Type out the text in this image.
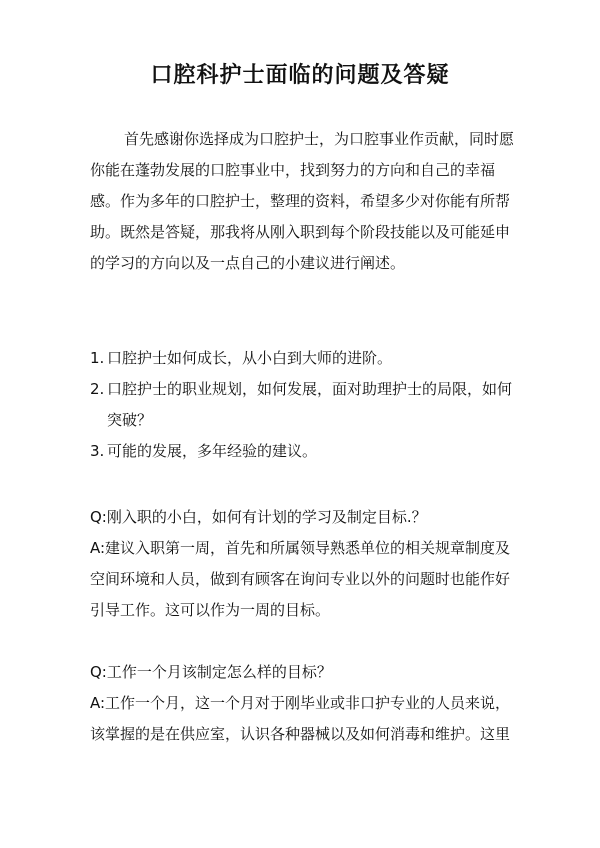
口腔科护士面临的问题及答疑

首先感谢你选择成为口腔护士，为口腔事业作贡献，同时愿你能在蓬勃发展的口腔事业中，找到努力的方向和自己的幸福感。作为多年的口腔护士，整理的资料，希望多少对你能有所帮助。既然是答疑，那我将从刚入职到每个阶段技能以及可能延申的学习的方向以及一点自己的小建议进行阐述。

1. 口腔护士如何成长，从小白到大师的进阶。
2. 口腔护士的职业规划，如何发展，面对助理护士的局限，如何突破？
3. 可能的发展，多年经验的建议。

Q:刚入职的小白，如何有计划的学习及制定目标.？

A:建议入职第一周，首先和所属领导熟悉单位的相关规章制度及空间环境和人员，做到有顾客在询问专业以外的问题时也能作好引导工作。这可以作为一周的目标。

Q:工作一个月该制定怎么样的目标？

A:工作一个月，这一个月对于刚毕业或非口护专业的人员来说，该掌握的是在供应室，认识各种器械以及如何消毒和维护。这里
